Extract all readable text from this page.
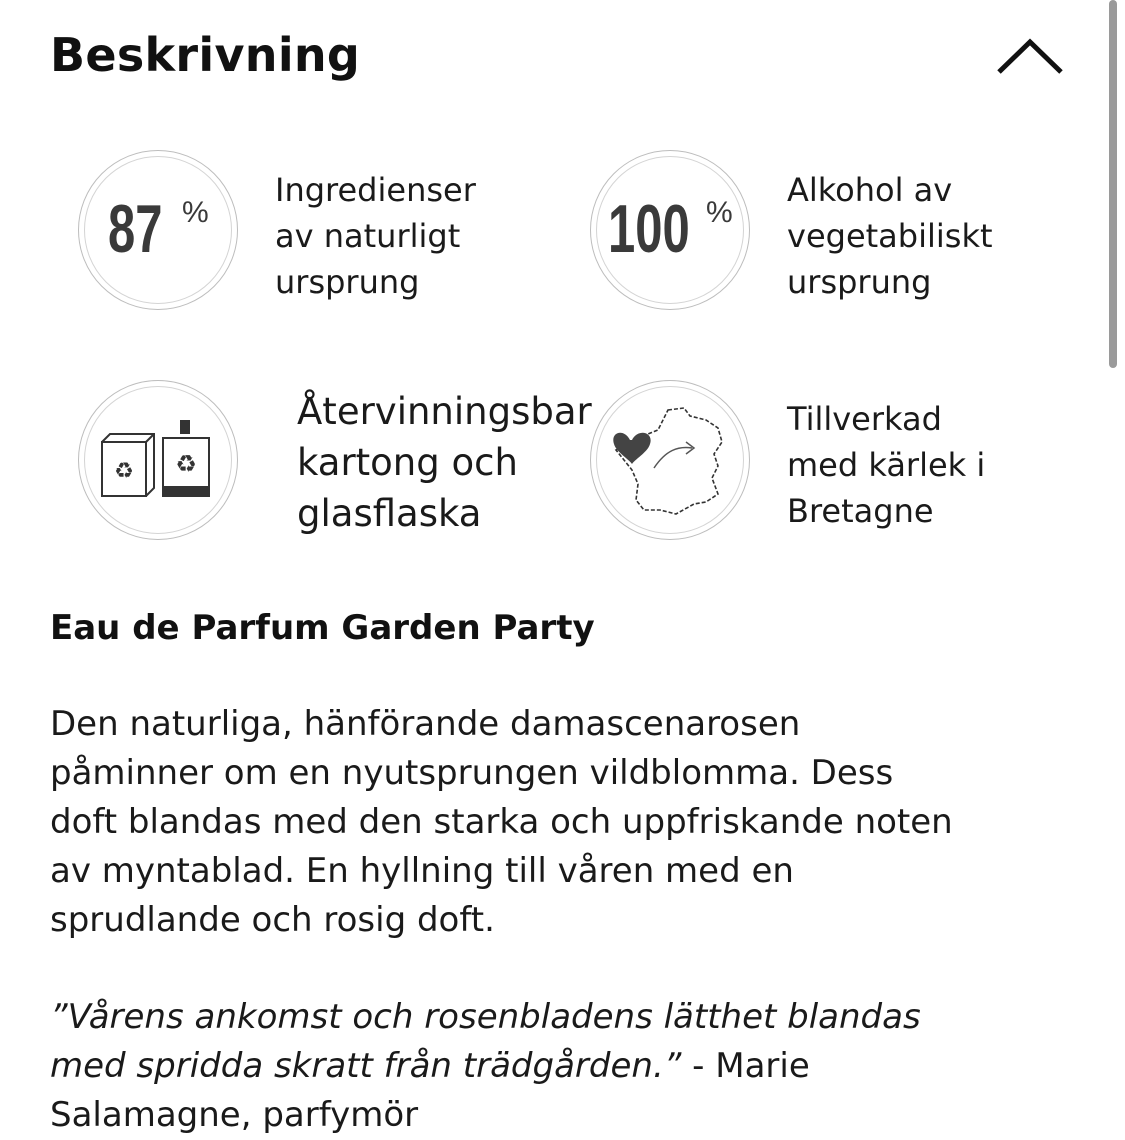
Beskrivning
87 %

Ingredienser
av naturligt
ursprung

100 %

Alkohol av
vegetabiliskt
ursprung

♻ ♻

Återvinningsbar
kartong och
glasflaska

Tillverkad
med kärlek i
Bretagne

Eau de Parfum Garden Party

Den naturliga, hänförande damascenarosen
påminner om en nyutsprungen vildblomma. Dess
doft blandas med den starka och uppfriskande noten
av myntablad. En hyllning till våren med en
sprudlande och rosig doft.

”Vårens ankomst och rosenbladens lätthet blandas
med spridda skratt från trädgården.” - Marie
Salamagne, parfymör
